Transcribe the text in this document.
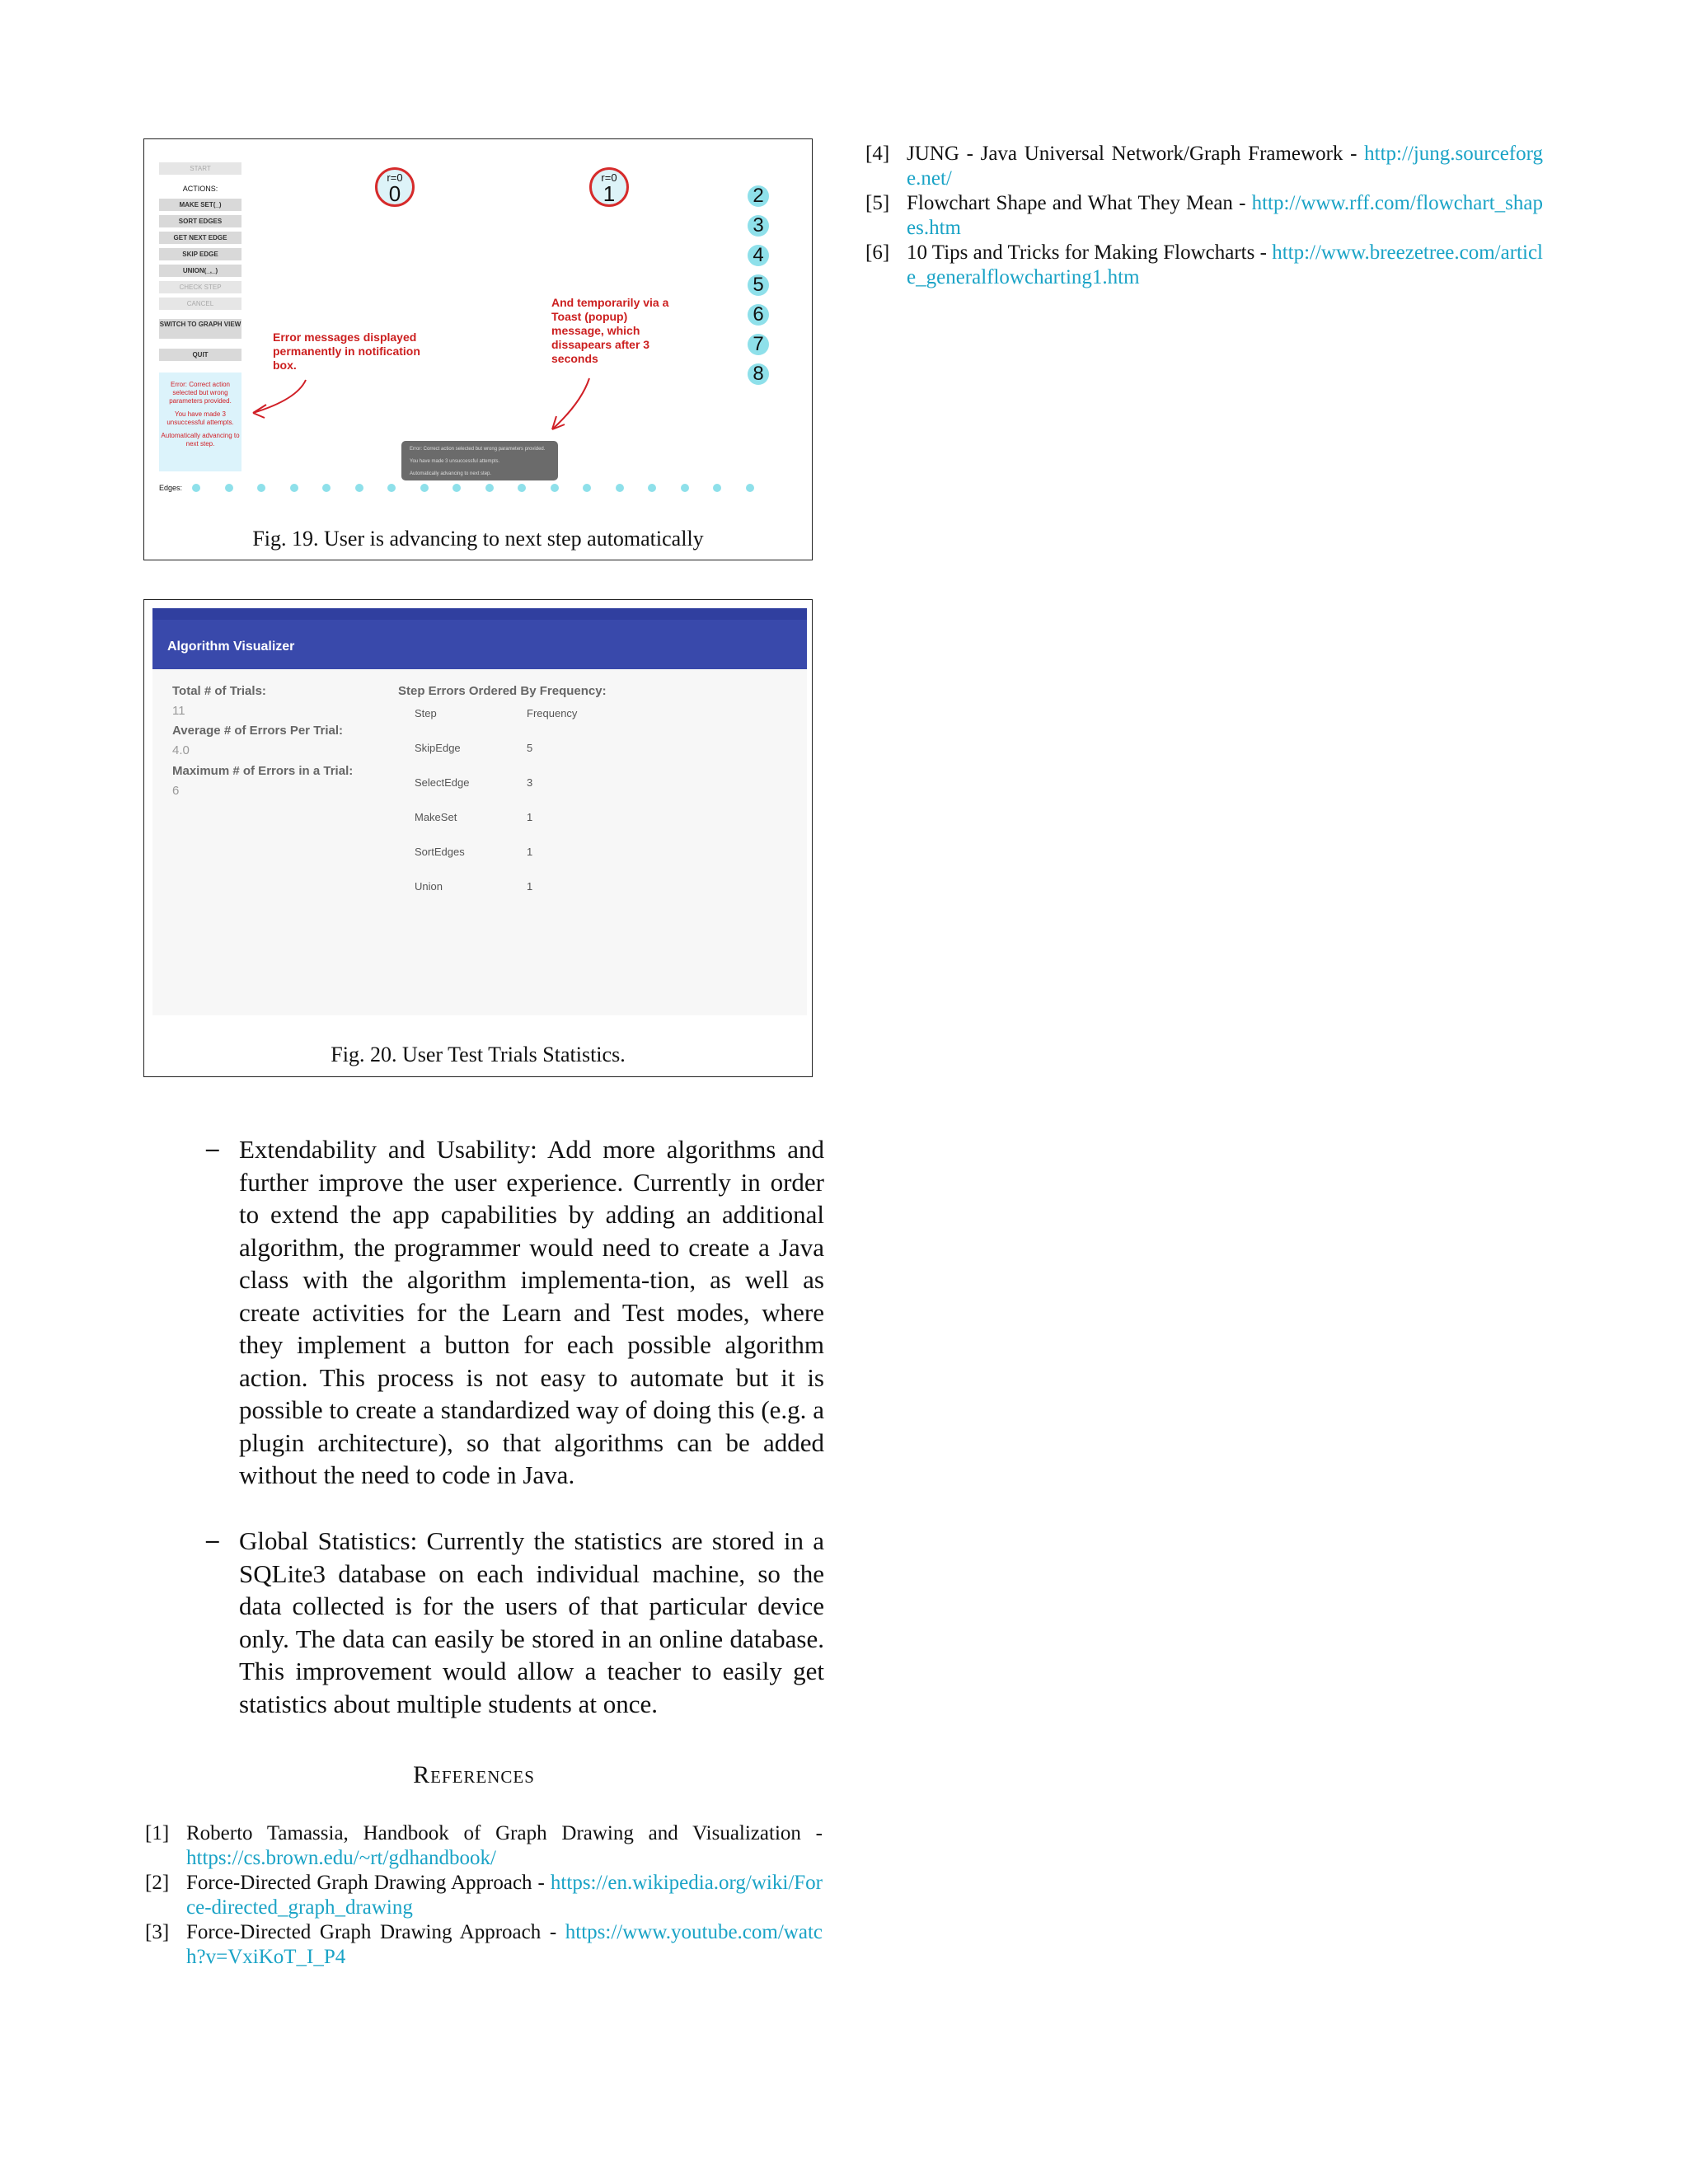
START
ACTIONS:
MAKE SET(_)
SORT EDGES
GET NEXT EDGE
SKIP EDGE
UNION(_,_)
CHECK STEP
CANCEL
SWITCH TO GRAPH VIEW
QUIT
Error: Correct action selected but wrong parameters provided.
You have made 3 unsuccessful attempts.
Automatically advancing to next step.
r=0
0
r=0
1	2
3
4
5
6
7
8
Error messages displayed permanently in notification box.
And temporarily via a Toast (popup) message, which dissapears after 3 seconds
Error: Correct action selected but wrong parameters provided.
You have made 3 unsuccessful attempts.
Automatically advancing to next step.
Edges:
Fig. 19. User is advancing to next step automatically
Algorithm Visualizer
Total # of Trials:
11
Average # of Errors Per Trial:
4.0
Maximum # of Errors in a Trial:
6
Step Errors Ordered By Frequency:
Step	Frequency
SkipEdge	5
SelectEdge	3
MakeSet	1
SortEdges	1
Union	1
Fig. 20. User Test Trials Statistics.
– Extendability and Usability: Add more algorithms and further improve the user experience. Currently in order to extend the app capabilities by adding an additional algorithm, the programmer would need to create a Java class with the algorithm implementa-tion, as well as create activities for the Learn and Test modes, where they implement a button for each possible algorithm action. This process is not easy to automate but it is possible to create a standardized way of doing this (e.g. a plugin architecture), so that algorithms can be added without the need to code in Java.
– Global Statistics: Currently the statistics are stored in a SQLite3 database on each individual machine, so the data collected is for the users of that particular device only. The data can easily be stored in an online database. This improvement would allow a teacher to easily get statistics about multiple students at once.
References
[1] Roberto Tamassia, Handbook of Graph Drawing and Visualization - https://cs.brown.edu/~rt/gdhandbook/
[2] Force-Directed Graph Drawing Approach - https://en.wikipedia.org/wiki/Force-directed_graph_drawing
[3] Force-Directed Graph Drawing Approach - https://www.youtube.com/watch?v=VxiKoT_I_P4
[4] JUNG - Java Universal Network/Graph Framework - http://jung.sourceforge.net/
[5] Flowchart Shape and What They Mean - http://www.rff.com/flowchart_shapes.htm
[6] 10 Tips and Tricks for Making Flowcharts - http://www.breezetree.com/article_generalflowcharting1.htm
